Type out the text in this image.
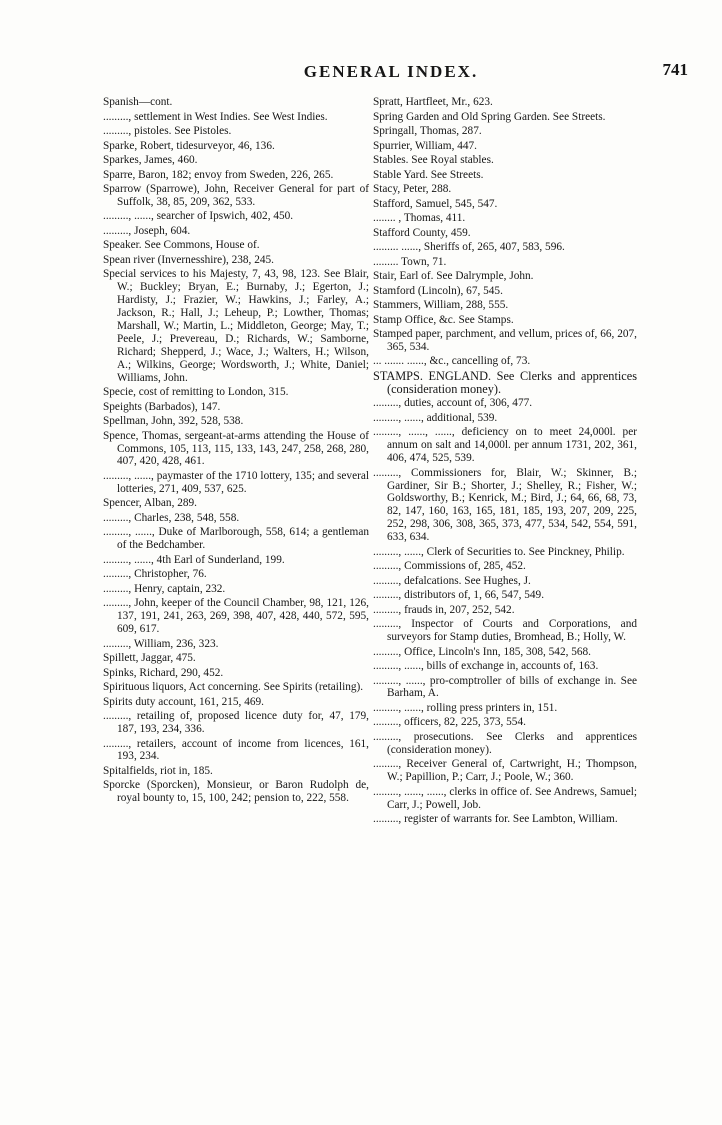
GENERAL INDEX.	741

Spanish—cont.

........., settlement in West Indies. See West Indies.

........., pistoles. See Pistoles.

Sparke, Robert, tidesurveyor, 46, 136.

Sparkes, James, 460.

Sparre, Baron, 182; envoy from Sweden, 226, 265.

Sparrow (Sparrowe), John, Receiver General for part of Suffolk, 38, 85, 209, 362, 533.

........., ......, searcher of Ipswich, 402, 450.

........., Joseph, 604.

Speaker. See Commons, House of.

Spean river (Invernesshire), 238, 245.

Special services to his Majesty, 7, 43, 98, 123. See Blair, W.; Buckley; Bryan, E.; Burnaby, J.; Egerton, J.; Hardisty, J.; Frazier, W.; Hawkins, J.; Farley, A.; Jackson, R.; Hall, J.; Leheup, P.; Lowther, Thomas; Marshall, W.; Martin, L.; Middleton, George; May, T.; Peele, J.; Prevereau, D.; Richards, W.; Samborne, Richard; Shepperd, J.; Wace, J.; Walters, H.; Wilson, A.; Wilkins, George; Wordsworth, J.; White, Daniel; Williams, John.

Specie, cost of remitting to London, 315.

Speights (Barbados), 147.

Spellman, John, 392, 528, 538.

Spence, Thomas, sergeant-at-arms attending the House of Commons, 105, 113, 115, 133, 143, 247, 258, 268, 280, 407, 420, 428, 461.

........., ......, paymaster of the 1710 lottery, 135; and several lotteries, 271, 409, 537, 625.

Spencer, Alban, 289.

........., Charles, 238, 548, 558.

........., ......, Duke of Marlborough, 558, 614; a gentleman of the Bedchamber.

........., ......, 4th Earl of Sunderland, 199.

........., Christopher, 76.

........., Henry, captain, 232.

........., John, keeper of the Council Chamber, 98, 121, 126, 137, 191, 241, 263, 269, 398, 407, 428, 440, 572, 595, 609, 617.

........., William, 236, 323.

Spillett, Jaggar, 475.

Spinks, Richard, 290, 452.

Spirituous liquors, Act concerning. See Spirits (retailing).

Spirits duty account, 161, 215, 469.

........., retailing of, proposed licence duty for, 47, 179, 187, 193, 234, 336.

........., retailers, account of income from licences, 161, 193, 234.

Spitalfields, riot in, 185.

Sporcke (Sporcken), Monsieur, or Baron Rudolph de, royal bounty to, 15, 100, 242; pension to, 222, 558.

Spratt, Hartfleet, Mr., 623.

Spring Garden and Old Spring Garden. See Streets.

Springall, Thomas, 287.

Spurrier, William, 447.

Stables. See Royal stables.

Stable Yard. See Streets.

Stacy, Peter, 288.

Stafford, Samuel, 545, 547.

........ , Thomas, 411.

Stafford County, 459.

......... ......, Sheriffs of, 265, 407, 583, 596.

......... Town, 71.

Stair, Earl of. See Dalrymple, John.

Stamford (Lincoln), 67, 545.

Stammers, William, 288, 555.

Stamp Office, &c. See Stamps.

Stamped paper, parchment, and vellum, prices of, 66, 207, 365, 534.

... ....... ......, &c., cancelling of, 73.

STAMPS. ENGLAND. See Clerks and apprentices (consideration money).

........., duties, account of, 306, 477.

........., ......, additional, 539.

........., ......, ......, deficiency on to meet 24,000l. per annum on salt and 14,000l. per annum 1731, 202, 361, 406, 474, 525, 539.

........., Commissioners for, Blair, W.; Skinner, B.; Gardiner, Sir B.; Shorter, J.; Shelley, R.; Fisher, W.; Goldsworthy, B.; Kenrick, M.; Bird, J.; 64, 66, 68, 73, 82, 147, 160, 163, 165, 181, 185, 193, 207, 209, 225, 252, 298, 306, 308, 365, 373, 477, 534, 542, 554, 591, 633, 634.

........., ......, Clerk of Securities to. See Pinckney, Philip.

........., Commissions of, 285, 452.

........., defalcations. See Hughes, J.

........., distributors of, 1, 66, 547, 549.

........., frauds in, 207, 252, 542.

........., Inspector of Courts and Corporations, and surveyors for Stamp duties, Bromhead, B.; Holly, W.

........., Office, Lincoln's Inn, 185, 308, 542, 568.

........., ......, bills of exchange in, accounts of, 163.

........., ......, pro-comptroller of bills of exchange in. See Barham, A.

........., ......, rolling press printers in, 151.

........., officers, 82, 225, 373, 554.

........., prosecutions. See Clerks and apprentices (consideration money).

........., Receiver General of, Cartwright, H.; Thompson, W.; Papillion, P.; Carr, J.; Poole, W.; 360.

........., ......, ......, clerks in office of. See Andrews, Samuel; Carr, J.; Powell, Job.

........., register of warrants for. See Lambton, William.
